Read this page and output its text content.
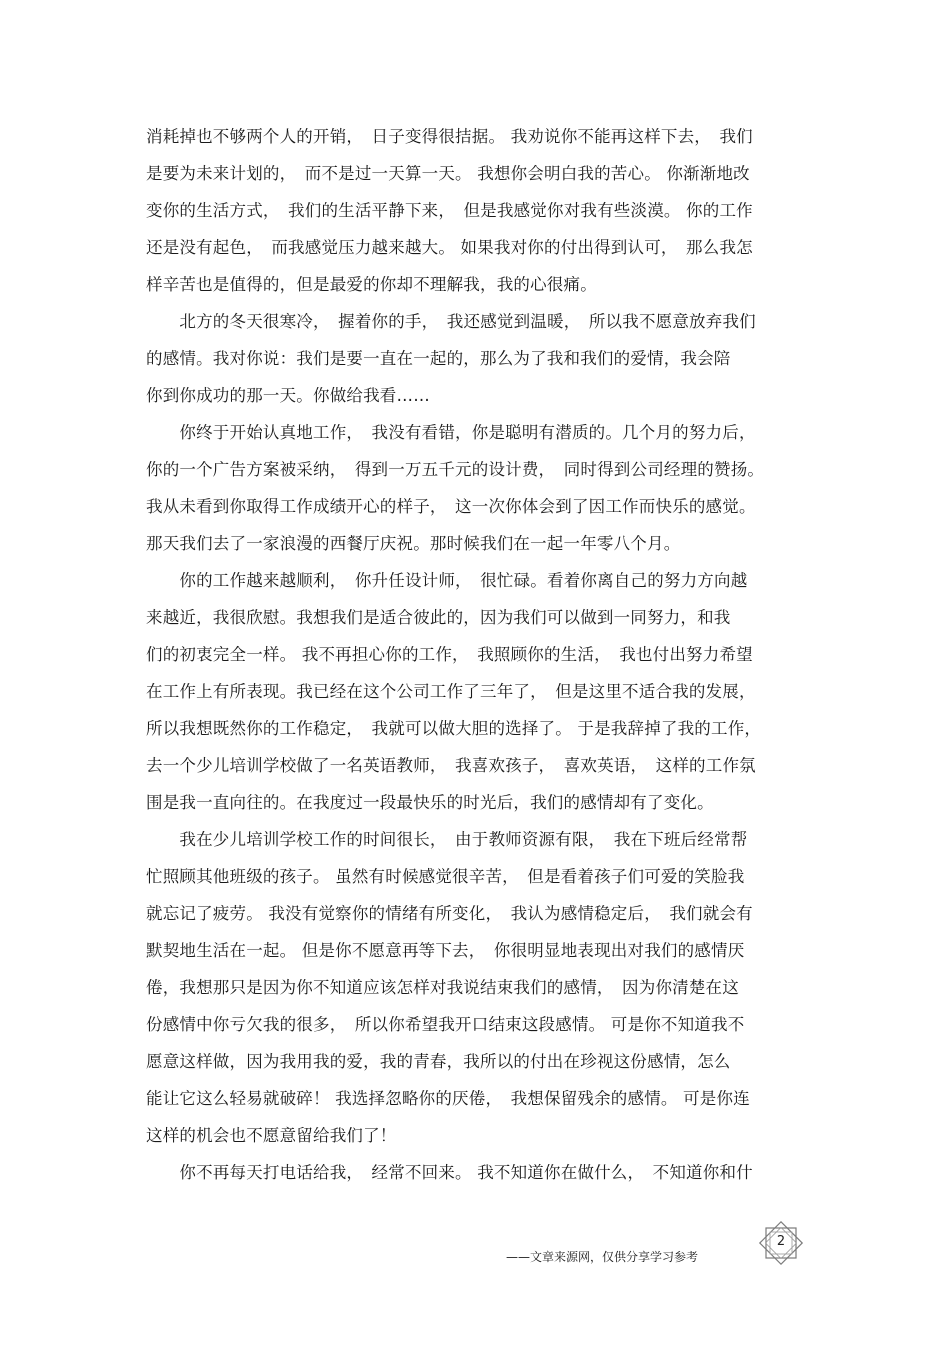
消耗掉也不够两个人的开销，　日子变得很拮据。 我劝说你不能再这样下去，　我们
是要为未来计划的，　而不是过一天算一天。 我想你会明白我的苦心。 你渐渐地改
变你的生活方式，　我们的生活平静下来，　但是我感觉你对我有些淡漠。 你的工作
还是没有起色，　而我感觉压力越来越大。 如果我对你的付出得到认可，　那么我怎
样辛苦也是值得的，但是最爱的你却不理解我，我的心很痛。
　　北方的冬天很寒冷，　握着你的手，　我还感觉到温暖，　所以我不愿意放弃我们
的感情。我对你说：我们是要一直在一起的，那么为了我和我们的爱情，我会陪
你到你成功的那一天。你做给我看……
　　你终于开始认真地工作，　我没有看错，你是聪明有潜质的。几个月的努力后，
你的一个广告方案被采纳，　得到一万五千元的设计费，　同时得到公司经理的赞扬。
我从未看到你取得工作成绩开心的样子，　这一次你体会到了因工作而快乐的感觉。
那天我们去了一家浪漫的西餐厅庆祝。那时候我们在一起一年零八个月。
　　你的工作越来越顺利，　你升任设计师，　很忙碌。看着你离自己的努力方向越
来越近，我很欣慰。我想我们是适合彼此的，因为我们可以做到一同努力，和我
们的初衷完全一样。 我不再担心你的工作，　我照顾你的生活，　我也付出努力希望
在工作上有所表现。我已经在这个公司工作了三年了，　但是这里不适合我的发展，
所以我想既然你的工作稳定，　我就可以做大胆的选择了。 于是我辞掉了我的工作，
去一个少儿培训学校做了一名英语教师，　我喜欢孩子，　喜欢英语，　这样的工作氛
围是我一直向往的。在我度过一段最快乐的时光后，我们的感情却有了变化。
　　我在少儿培训学校工作的时间很长，　由于教师资源有限，　我在下班后经常帮
忙照顾其他班级的孩子。 虽然有时候感觉很辛苦，　但是看着孩子们可爱的笑脸我
就忘记了疲劳。 我没有觉察你的情绪有所变化，　我认为感情稳定后，　我们就会有
默契地生活在一起。 但是你不愿意再等下去，　你很明显地表现出对我们的感情厌
倦，我想那只是因为你不知道应该怎样对我说结束我们的感情，　因为你清楚在这
份感情中你亏欠我的很多，　所以你希望我开口结束这段感情。 可是你不知道我不
愿意这样做，因为我用我的爱，我的青春，我所以的付出在珍视这份感情，怎么
能让它这么轻易就破碎！ 我选择忽略你的厌倦，　我想保留残余的感情。 可是你连
这样的机会也不愿意留给我们了！
　　你不再每天打电话给我，　经常不回来。 我不知道你在做什么，　不知道你和什
2
——文章来源网，仅供分享学习参考
